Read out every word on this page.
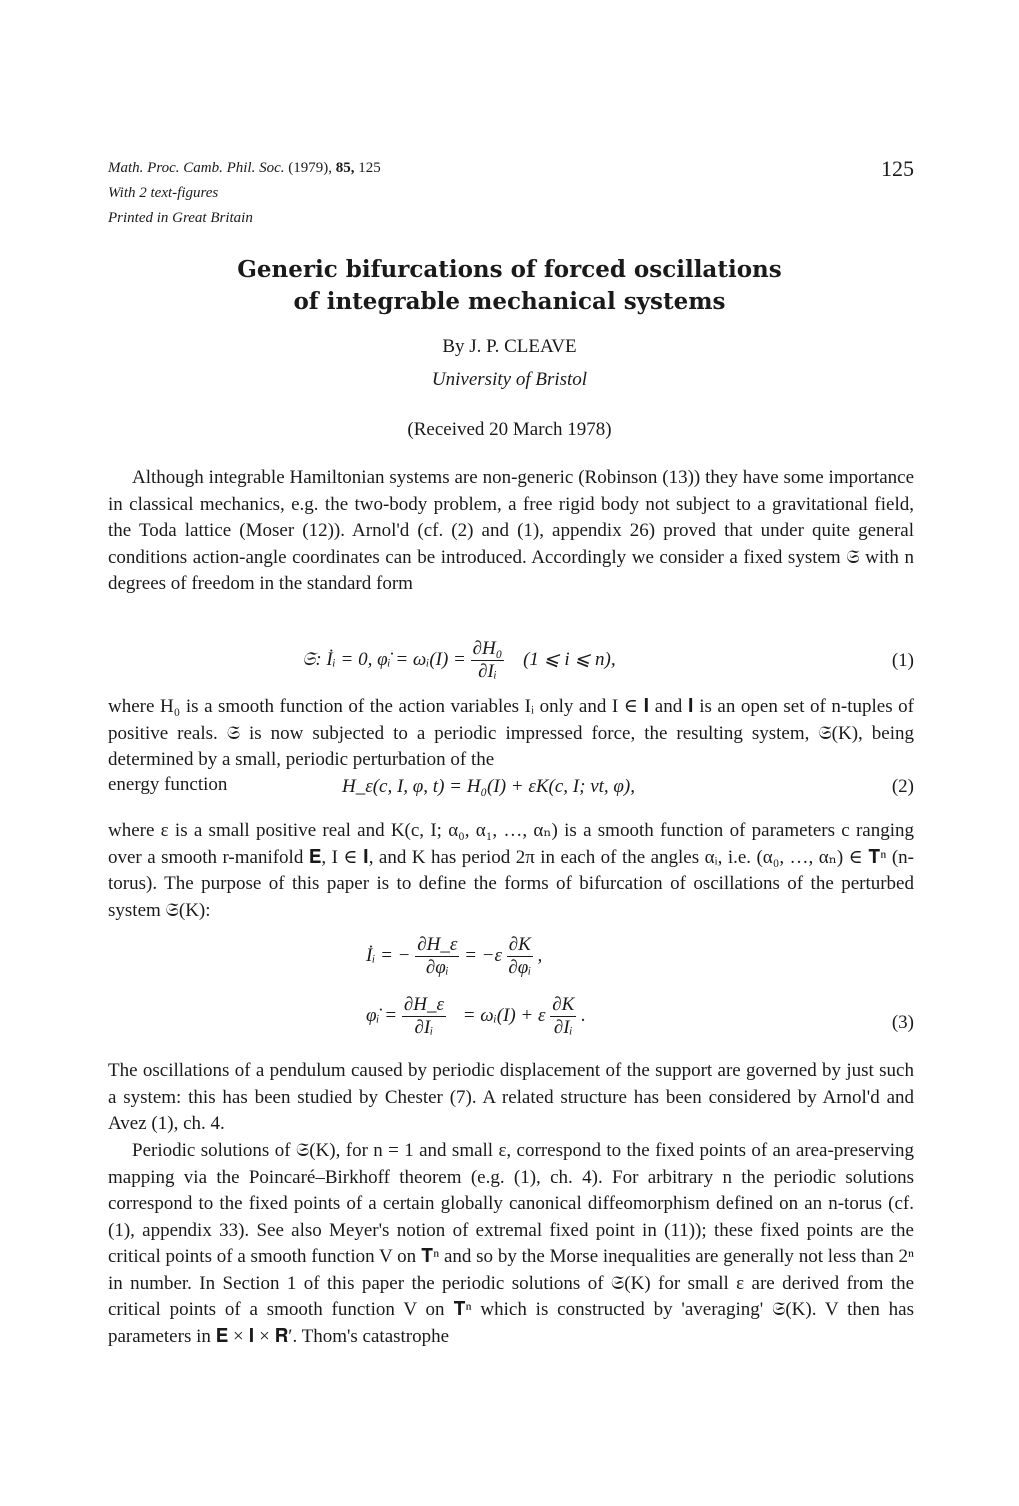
Math. Proc. Camb. Phil. Soc. (1979), 85, 125
With 2 text-figures
Printed in Great Britain
125
Generic bifurcations of forced oscillations
of integrable mechanical systems
By J. P. CLEAVE
University of Bristol
(Received 20 March 1978)
Although integrable Hamiltonian systems are non-generic (Robinson (13)) they have some importance in classical mechanics, e.g. the two-body problem, a free rigid body not subject to a gravitational field, the Toda lattice (Moser (12)). Arnol'd (cf. (2) and (1), appendix 26) proved that under quite general conditions action-angle coordinates can be introduced. Accordingly we consider a fixed system 𝔖 with n degrees of freedom in the standard form
𝔖: İᵢ = 0, φ̇ᵢ = ωᵢ(I) = $\frac{\text{∂H₀}}{\text{∂Iᵢ}} (1$ ⩽ i ⩽ n),	(1)
where H₀ is a smooth function of the action variables Iᵢ only and I ∈ 𝐈 and 𝐈 is an open set of n-tuples of positive reals. 𝔖 is now subjected to a periodic impressed force, the resulting system, 𝔖(K), being determined by a small, periodic perturbation of the
energy function	H_ε(c, I, φ, t) = H₀(I) + εK(c, I; νt, φ),	(2)
where ε is a small positive real and K(c, I; α₀, α₁, …, αₙ) is a smooth function of parameters c ranging over a smooth r-manifold 𝐄, I ∈ 𝐈, and K has period 2π in each of the angles αᵢ, i.e. (α₀, …, αₙ) ∈ 𝐓ⁿ (n-torus). The purpose of this paper is to define the forms of bifurcation of oscillations of the perturbed system 𝔖(K):
İᵢ = − $\frac{\partial H\_\varepsilon}{\text{∂φᵢ}} = -\varepsilon \frac{\partial K}{\text{∂φᵢ}}$ ,
φ̇ᵢ = $\frac{\partial H\_\varepsilon}{\text{∂Iᵢ}}$ = ωᵢ(I) + ε $\frac{\partial K}{\text{∂Iᵢ}}$ .	(3)
The oscillations of a pendulum caused by periodic displacement of the support are governed by just such a system: this has been studied by Chester (7). A related structure has been considered by Arnol'd and Avez (1), ch. 4.
Periodic solutions of 𝔖(K), for n = 1 and small ε, correspond to the fixed points of an area-preserving mapping via the Poincaré–Birkhoff theorem (e.g. (1), ch. 4). For arbitrary n the periodic solutions correspond to the fixed points of a certain globally canonical diffeomorphism defined on an n-torus (cf. (1), appendix 33). See also Meyer's notion of extremal fixed point in (11)); these fixed points are the critical points of a smooth function V on 𝐓ⁿ and so by the Morse inequalities are generally not less than 2ⁿ in number. In Section 1 of this paper the periodic solutions of 𝔖(K) for small ε are derived from the critical points of a smooth function V on 𝐓ⁿ which is constructed by 'averaging' 𝔖(K). V then has parameters in 𝐄 × 𝐈 × 𝐑′. Thom's catastrophe
